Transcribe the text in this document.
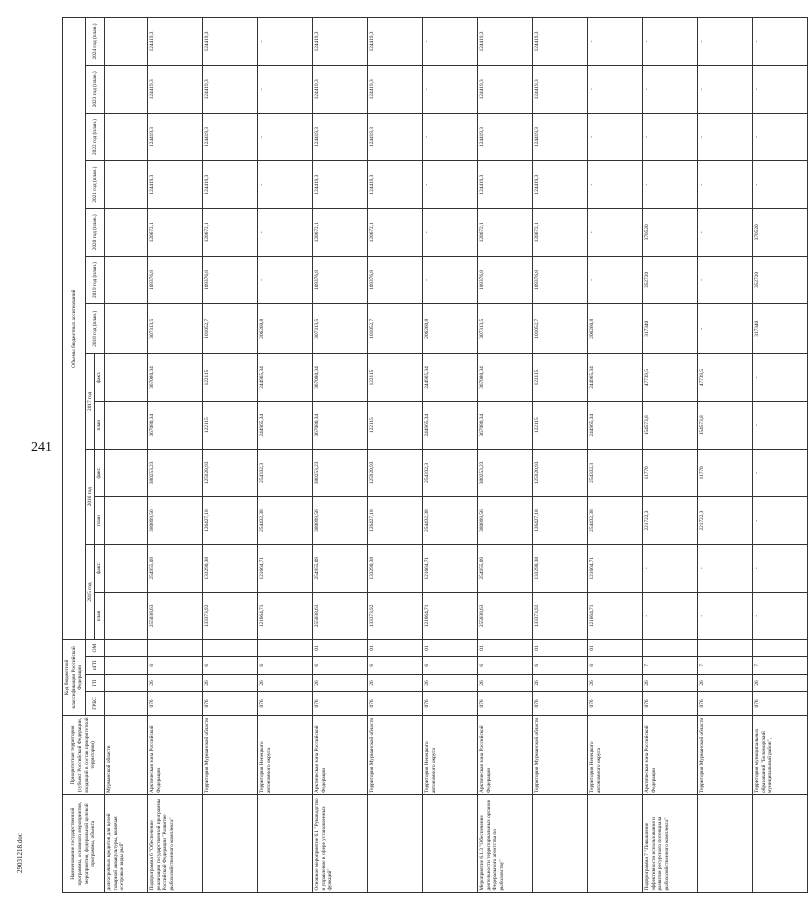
241
29031218.doc	Наименование государственной программы, основного мероприятия, мероприятия, федеральной целевой программы, объекта	Приоритетная территория (субъект Российской Федерации, входящий в состав приоритетной территории)	Код бюджетной классификации Российской Федерации				Объемы бюджетных ассигнований												
		ГРБС	ГП	пГП	ОМ	2015 год		2016 год		2017 год		2018 год (план.)	2019 год (план.)	2020 год (план.)	2021 год (план.)	2022 год (план.)	2023 год (план.)	2024 год (план.)
						план	факт.	план	факт.	план	факт.							
долгосрочных кредитов для целей товарной аквакультуры, включая осетровые виды рыб"	Мурманской области																	
Подпрограмма 6 "Обеспечение реализации государственной программы Российской Федерации "Развитие рыбохозяйственного комплекса"	Арктическая зона Российской Федерации	076	26	6		255038,63	254955,09	380899,56	380253,23	367080,34	367080,34	307313,5	109376,8	120672,1	124419,3	124419,3	124419,3	124419,3
	Территория Мурманской области	076	26	6		133373,92	133290,38	126427,18	125920,93	122115	122115	101052,7	109376,8	120672,1	124419,3	124419,3	124419,3	124419,3
	Территория Ненецкого автономного округа	076	26	6		121664,71	121664,71	254432,38	254332,3	244965,34	244965,34	206260,8	-	-	-	-	-	-
Основное мероприятие 6.1 "Руководство и управление в сфере установленных функций"	Арктическая зона Российской Федерации	076	26	6	01	255038,63	254955,09	380899,56	380253,23	367080,34	367080,34	307313,5	109376,8	120672,1	124419,3	124419,3	124419,3	124419,3
	Территория Мурманской области	076	26	6	01	133373,92	133290,38	126427,18	125920,93	122115	122115	101052,7	109376,8	120672,1	124419,3	124419,3	124419,3	124419,3
	Территория Ненецкого автономного округа	076	26	6	01	121664,71	121664,71	254432,38	254332,3	244965,34	244965,34	206260,8	-	-	-	-	-	-
Мероприятие 6.1.3 "Обеспечение деятельности территориальных органов Федерального агентства по рыболовству"	Арктическая зона Российской Федерации	076	26	6	01	255038,63	254955,09	380899,56	380253,23	367080,34	367080,34	307313,5	109376,8	120672,1	124419,3	124419,3	124419,3	124419,3
	Территория Мурманской области	076	26	6	01	133373,92	133290,38	126427,18	125920,93	122115	122115	101052,7	109376,8	120672,1	124419,3	124419,3	124419,3	124419,3
	Территория Ненецкого автономного округа	076	26	6	01	121664,71	121664,71	254432,38	254332,3	244965,34	244965,34	206260,8	-	-	-	-	-	-
Подпрограмма 7 "Повышение эффективности использования и развития ресурсного потенциала рыбохозяйственного комплекса"	Арктическая зона Российской Федерации	076	26	7		-	-	221722,3	11770	154573,8	47739,5	317340	352720	370520	-	-	-	-
	Территория Мурманской области	076	26	7		-	-	221722,3	11770	154573,8	47739,5	-	-	-	-	-	-	-
	Территория муниципальных образований "Беломорский муниципальный район",	076	26	7		-	-	-	-	-	-	317340	352720	370520	-	-	-	-
